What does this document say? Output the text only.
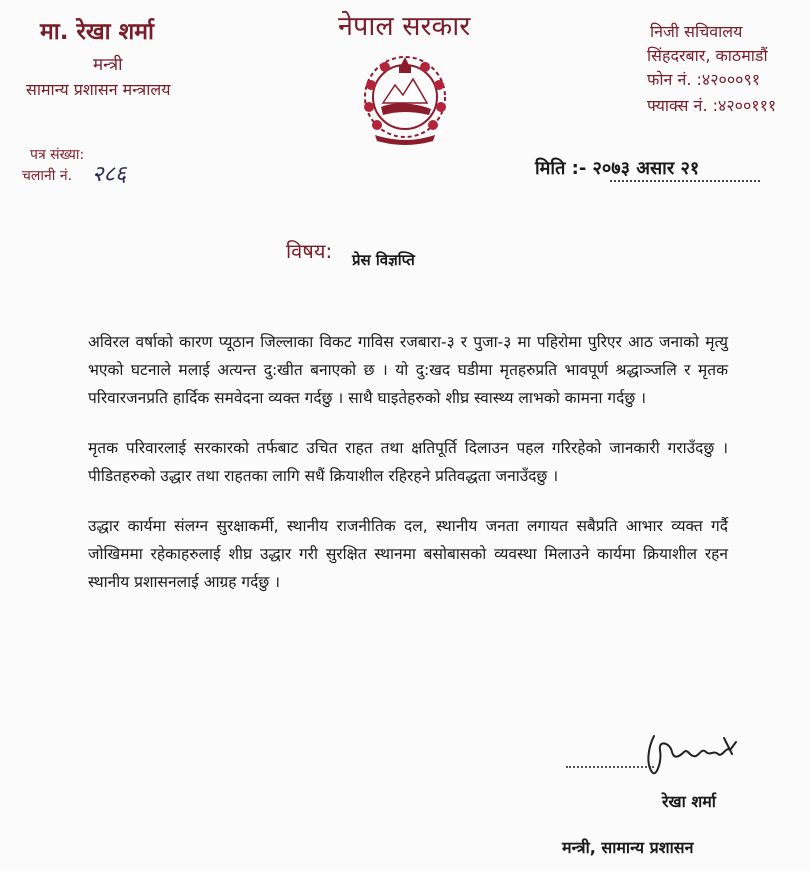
मा. रेखा शर्मा
मन्त्री
सामान्य प्रशासन मन्त्रालय
नेपाल सरकार	निजी सचिवालय
सिंहदरबार, काठमाडौं
फोन नं. :४२०००९१
फ्याक्स नं. :४२००१११
पत्र संख्या:
चलानी नं. २८६	मिति :- २०७३ असार २१
विषय: प्रेस विज्ञप्ति

अविरल वर्षाको कारण प्यूठान जिल्लाका विकट गाविस रजबारा-३ र पुजा-३ मा पहिरोमा पुरिएर आठ जनाको मृत्यु भएको घटनाले मलाई अत्यन्त दु:खीत बनाएको छ । यो दु:खद घडीमा मृतहरुप्रति भावपूर्ण श्रद्धाञ्जलि र मृतक परिवारजनप्रति हार्दिक समवेदना व्यक्त गर्दछु । साथै घाइतेहरुको शीघ्र स्वास्थ्य लाभको कामना गर्दछु ।

मृतक परिवारलाई सरकारको तर्फबाट उचित राहत तथा क्षतिपूर्ति दिलाउन पहल गरिरहेको जानकारी गराउँदछु । पीडितहरुको उद्धार तथा राहतका लागि सधैं क्रियाशील रहिरहने प्रतिवद्धता जनाउँदछु ।

उद्धार कार्यमा संलग्न सुरक्षाकर्मी, स्थानीय राजनीतिक दल, स्थानीय जनता लगायत सबैप्रति आभार व्यक्त गर्दै जोखिममा रहेकाहरुलाई शीघ्र उद्धार गरी सुरक्षित स्थानमा बसोबासको व्यवस्था मिलाउने कार्यमा क्रियाशील रहन स्थानीय प्रशासनलाई आग्रह गर्दछु ।

रेखा शर्मा
मन्त्री, सामान्य प्रशासन
